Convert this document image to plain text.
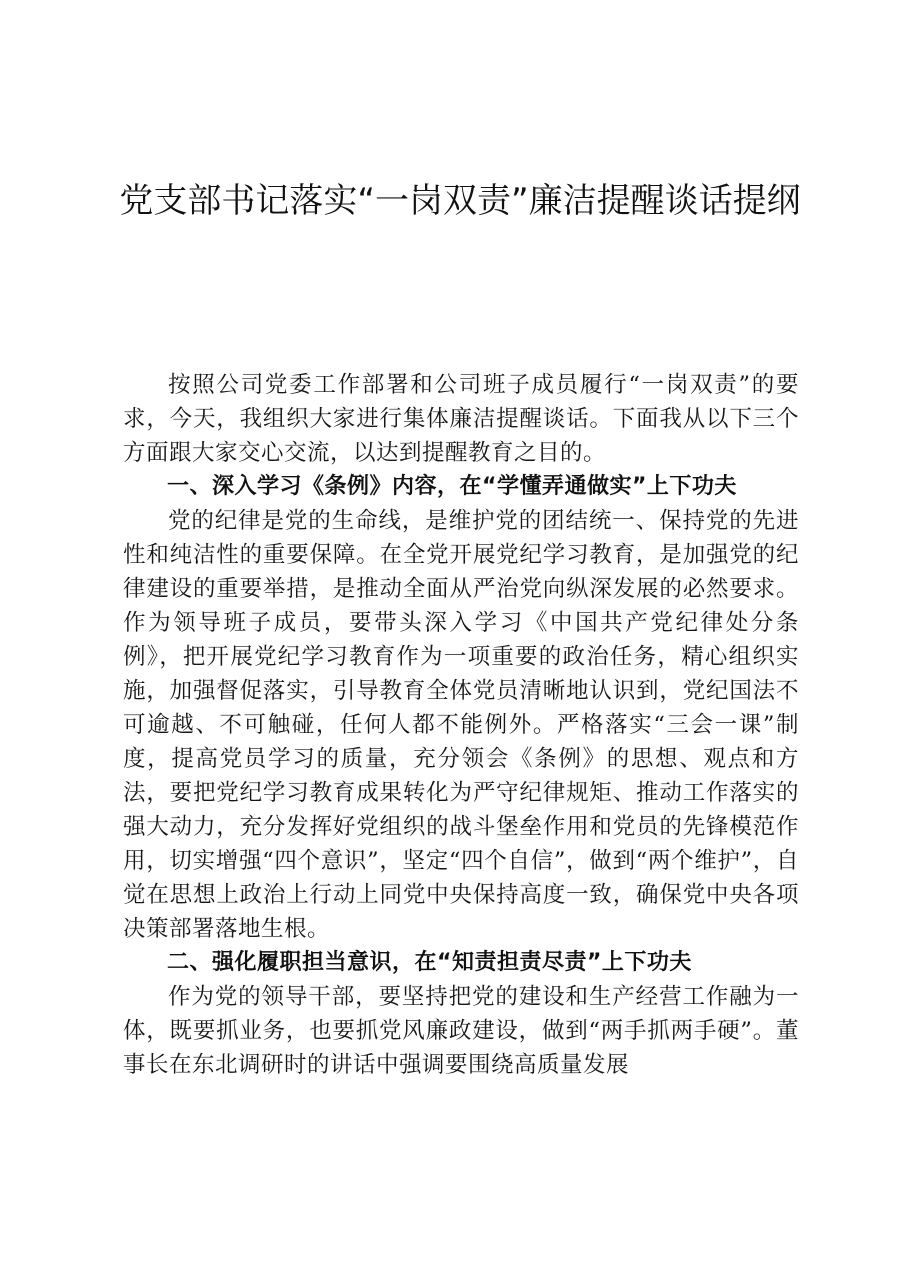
党支部书记落实“一岗双责”廉洁提醒谈话提纲

按照公司党委工作部署和公司班子成员履行“一岗双责”的要求，今天，我组织大家进行集体廉洁提醒谈话。下面我从以下三个方面跟大家交心交流，以达到提醒教育之目的。

一、深入学习《条例》内容，在“学懂弄通做实”上下功夫

党的纪律是党的生命线，是维护党的团结统一、保持党的先进性和纯洁性的重要保障。在全党开展党纪学习教育，是加强党的纪律建设的重要举措，是推动全面从严治党向纵深发展的必然要求。作为领导班子成员，要带头深入学习《中国共产党纪律处分条例》，把开展党纪学习教育作为一项重要的政治任务，精心组织实施，加强督促落实，引导教育全体党员清晰地认识到，党纪国法不可逾越、不可触碰，任何人都不能例外。严格落实“三会一课”制度，提高党员学习的质量，充分领会《条例》的思想、观点和方法，要把党纪学习教育成果转化为严守纪律规矩、推动工作落实的强大动力，充分发挥好党组织的战斗堡垒作用和党员的先锋模范作用，切实增强“四个意识”，坚定“四个自信”，做到“两个维护”，自觉在思想上政治上行动上同党中央保持高度一致，确保党中央各项决策部署落地生根。

二、强化履职担当意识，在“知责担责尽责”上下功夫

作为党的领导干部，要坚持把党的建设和生产经营工作融为一体，既要抓业务，也要抓党风廉政建设，做到“两手抓两手硬”。董事长在东北调研时的讲话中强调要围绕高质量发展
